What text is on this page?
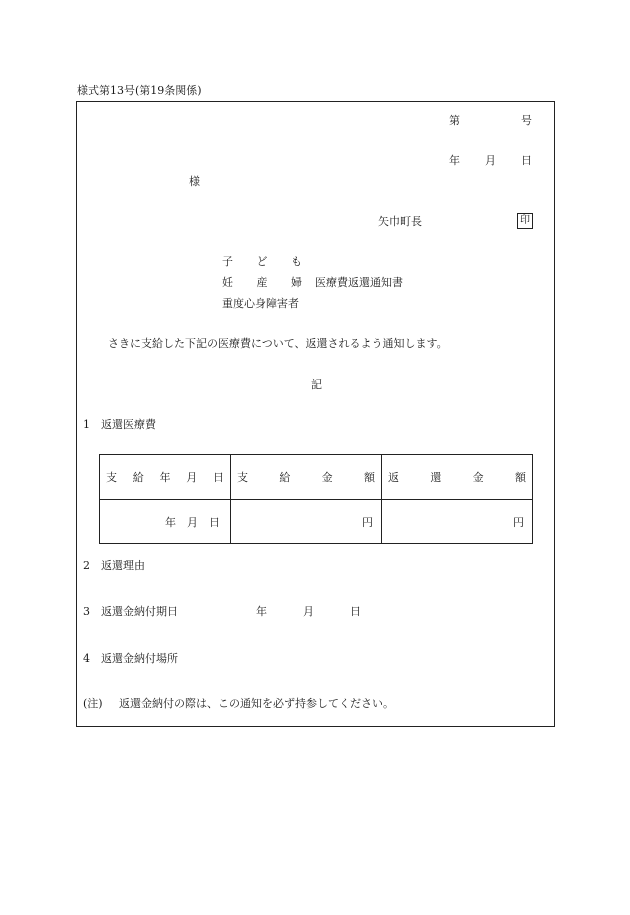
様式第13号(第19条関係)
第	号
年 月 日
様
矢巾町長	印
子 ど も
妊 産 婦 医療費返還通知書
重度心身障害者
さきに支給した下記の医療費について、返還されるよう通知します。
記
1 返還医療費
支 給 年 月 日	支 給 金 額	返 還 金 額

年　月　日	円	円
2 返還理由
3 返還金納付期日	年	月	日
4 返還金納付場所
(注) 返還金納付の際は、この通知を必ず持参してください。
